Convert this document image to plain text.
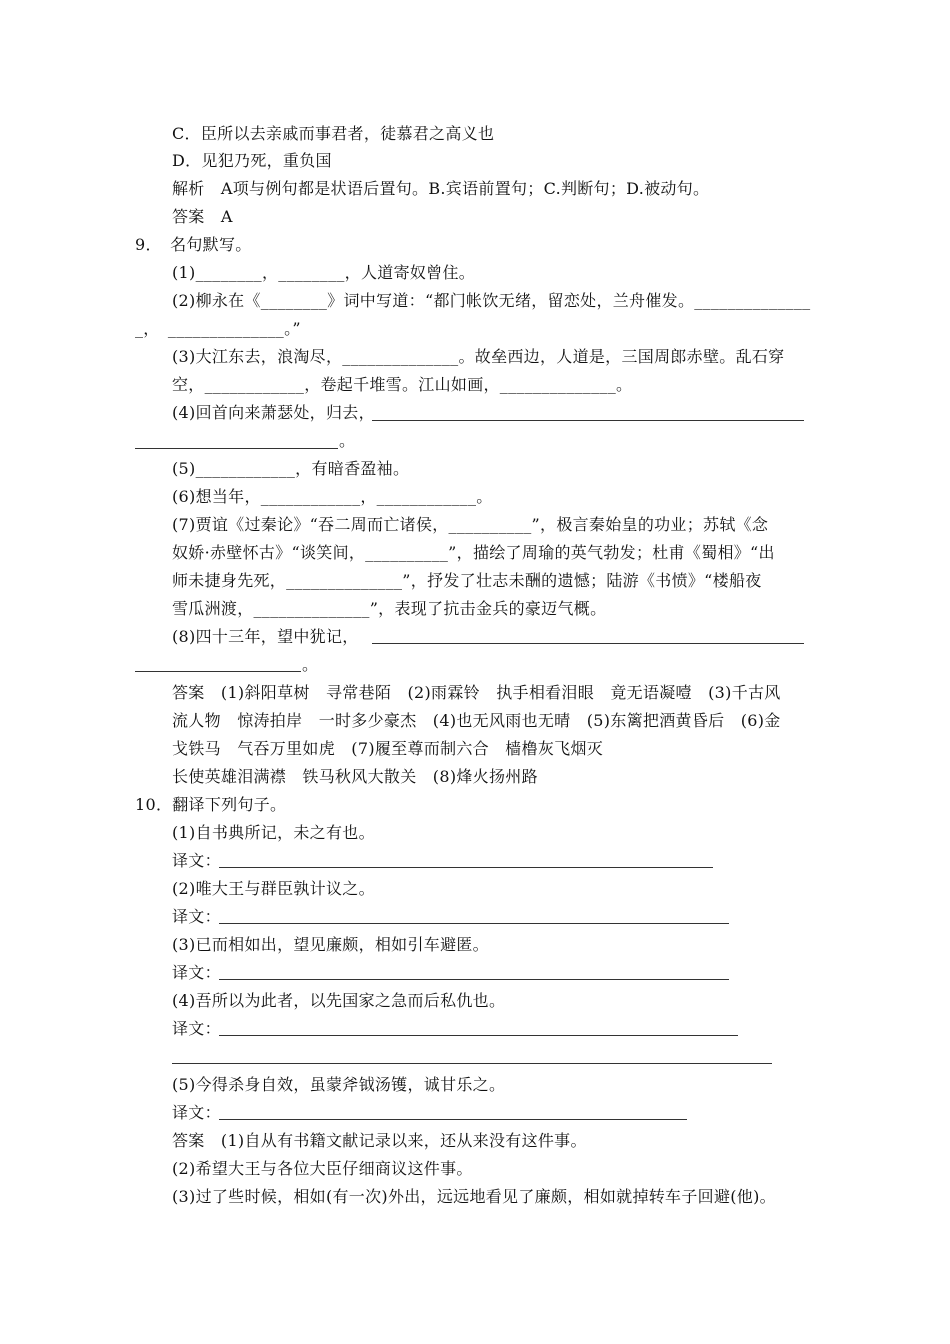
C．臣所以去亲戚而事君者，徒慕君之高义也
D．见犯乃死，重负国
解析　A项与例句都是状语后置句。B.宾语前置句；C.判断句；D.被动句。
答案　A
9．　名句默写。
(1)________，________，人道寄奴曾住。
(2)柳永在《________》词中写道：“都门帐饮无绪，留恋处，兰舟催发。______________
_，　______________。”
(3)大江东去，浪淘尽，______________。故垒西边，人道是，三国周郎赤壁。乱石穿
空，____________，卷起千堆雪。江山如画，______________。
(4)回首向来萧瑟处，归去，
。
(5)____________，有暗香盈袖。
(6)想当年，____________，____________。
(7)贾谊《过秦论》“吞二周而亡诸侯，__________”，极言秦始皇的功业；苏轼《念
奴娇·赤壁怀古》“谈笑间，__________”，描绘了周瑜的英气勃发；杜甫《蜀相》“出
师未捷身先死，______________”，抒发了壮志未酬的遗憾；陆游《书愤》“楼船夜
雪瓜洲渡，______________”，表现了抗击金兵的豪迈气概。
(8)四十三年，望中犹记，
。
答案　(1)斜阳草树　寻常巷陌　(2)雨霖铃　执手相看泪眼　竟无语凝噎　(3)千古风
流人物　惊涛拍岸　一时多少豪杰　(4)也无风雨也无晴　(5)东篱把酒黄昏后　(6)金
戈铁马　气吞万里如虎　(7)履至尊而制六合　樯橹灰飞烟灭
长使英雄泪满襟　铁马秋风大散关　(8)烽火扬州路
10．翻译下列句子。
(1)自书典所记，未之有也。
译文：
(2)唯大王与群臣孰计议之。
译文：
(3)已而相如出，望见廉颇，相如引车避匿。
译文：
(4)吾所以为此者，以先国家之急而后私仇也。
译文：
(5)今得杀身自效，虽蒙斧钺汤镬，诚甘乐之。
译文：
答案　(1)自从有书籍文献记录以来，还从来没有这件事。
(2)希望大王与各位大臣仔细商议这件事。
(3)过了些时候，相如(有一次)外出，远远地看见了廉颇，相如就掉转车子回避(他)。
